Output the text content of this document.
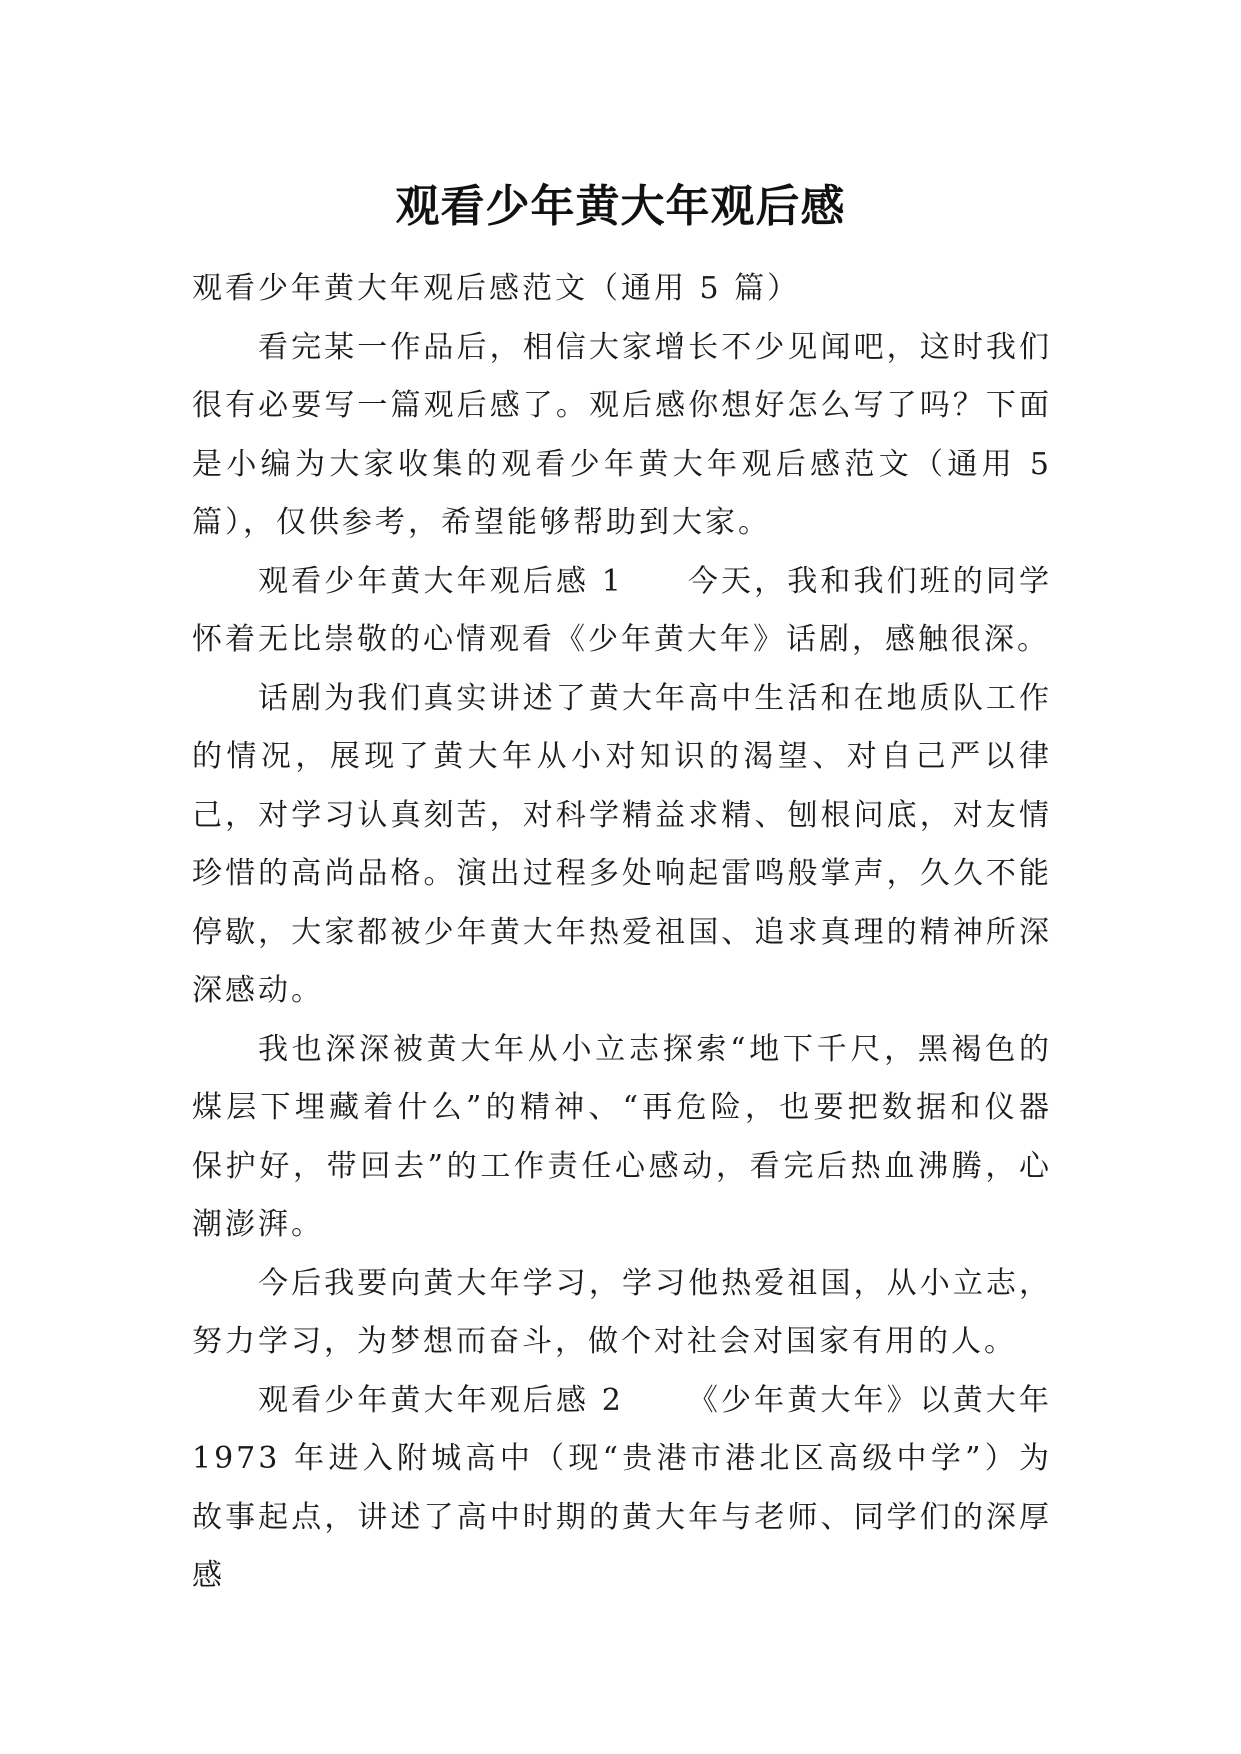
观看少年黄大年观后感

观看少年黄大年观后感范文（通用 5 篇）

看完某一作品后，相信大家增长不少见闻吧，这时我们很有必要写一篇观后感了。观后感你想好怎么写了吗？下面是小编为大家收集的观看少年黄大年观后感范文（通用 5篇），仅供参考，希望能够帮助到大家。

观看少年黄大年观后感 1 今天，我和我们班的同学怀着无比崇敬的心情观看《少年黄大年》话剧，感触很深。

话剧为我们真实讲述了黄大年高中生活和在地质队工作的情况，展现了黄大年从小对知识的渴望、对自己严以律己，对学习认真刻苦，对科学精益求精、刨根问底，对友情珍惜的高尚品格。演出过程多处响起雷鸣般掌声，久久不能停歇，大家都被少年黄大年热爱祖国、追求真理的精神所深深感动。

我也深深被黄大年从小立志探索“地下千尺，黑褐色的煤层下埋藏着什么”的精神、“再危险，也要把数据和仪器保护好，带回去”的工作责任心感动，看完后热血沸腾，心潮澎湃。

今后我要向黄大年学习，学习他热爱祖国，从小立志，努力学习，为梦想而奋斗，做个对社会对国家有用的人。

观看少年黄大年观后感 2 《少年黄大年》以黄大年1973 年进入附城高中（现“贵港市港北区高级中学”）为故事起点，讲述了高中时期的黄大年与老师、同学们的深厚感
